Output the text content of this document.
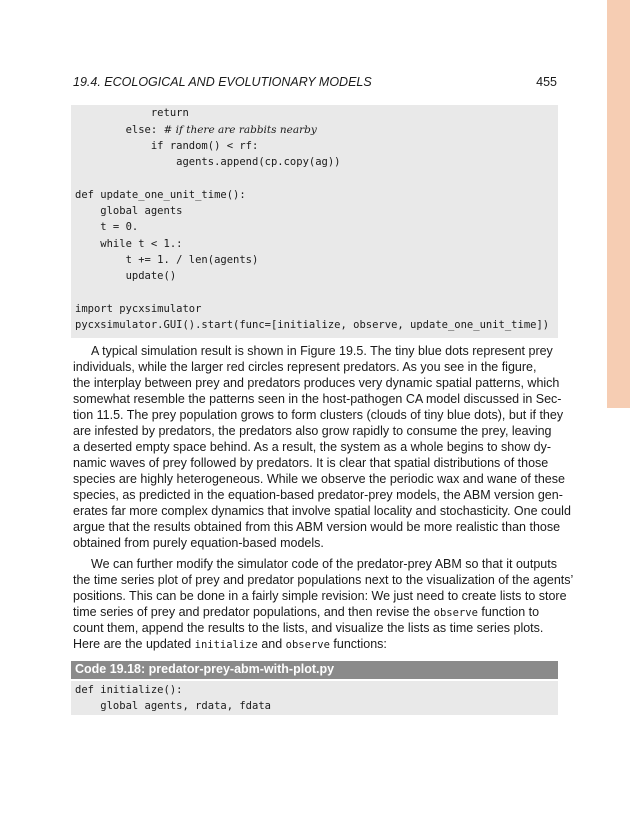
19.4. ECOLOGICAL AND EVOLUTIONARY MODELS	455
return
else: # if there are rabbits nearby
if random() < rf:
agents.append(cp.copy(ag))
def update_one_unit_time():
global agents
t = 0.
while t < 1.:
t += 1. / len(agents)
update()
import pycxsimulator
pycxsimulator.GUI().start(func=[initialize, observe, update_one_unit_time])
A typical simulation result is shown in Figure 19.5. The tiny blue dots represent prey
individuals, while the larger red circles represent predators. As you see in the figure,
the interplay between prey and predators produces very dynamic spatial patterns, which
somewhat resemble the patterns seen in the host-pathogen CA model discussed in Sec-
tion 11.5. The prey population grows to form clusters (clouds of tiny blue dots), but if they
are infested by predators, the predators also grow rapidly to consume the prey, leaving
a deserted empty space behind. As a result, the system as a whole begins to show dy-
namic waves of prey followed by predators. It is clear that spatial distributions of those
species are highly heterogeneous. While we observe the periodic wax and wane of these
species, as predicted in the equation-based predator-prey models, the ABM version gen-
erates far more complex dynamics that involve spatial locality and stochasticity. One could
argue that the results obtained from this ABM version would be more realistic than those
obtained from purely equation-based models.
We can further modify the simulator code of the predator-prey ABM so that it outputs
the time series plot of prey and predator populations next to the visualization of the agents’
positions. This can be done in a fairly simple revision: We just need to create lists to store
time series of prey and predator populations, and then revise the observe function to
count them, append the results to the lists, and visualize the lists as time series plots.
Here are the updated initialize and observe functions:
Code 19.18: predator-prey-abm-with-plot.py
def initialize():
global agents, rdata, fdata
